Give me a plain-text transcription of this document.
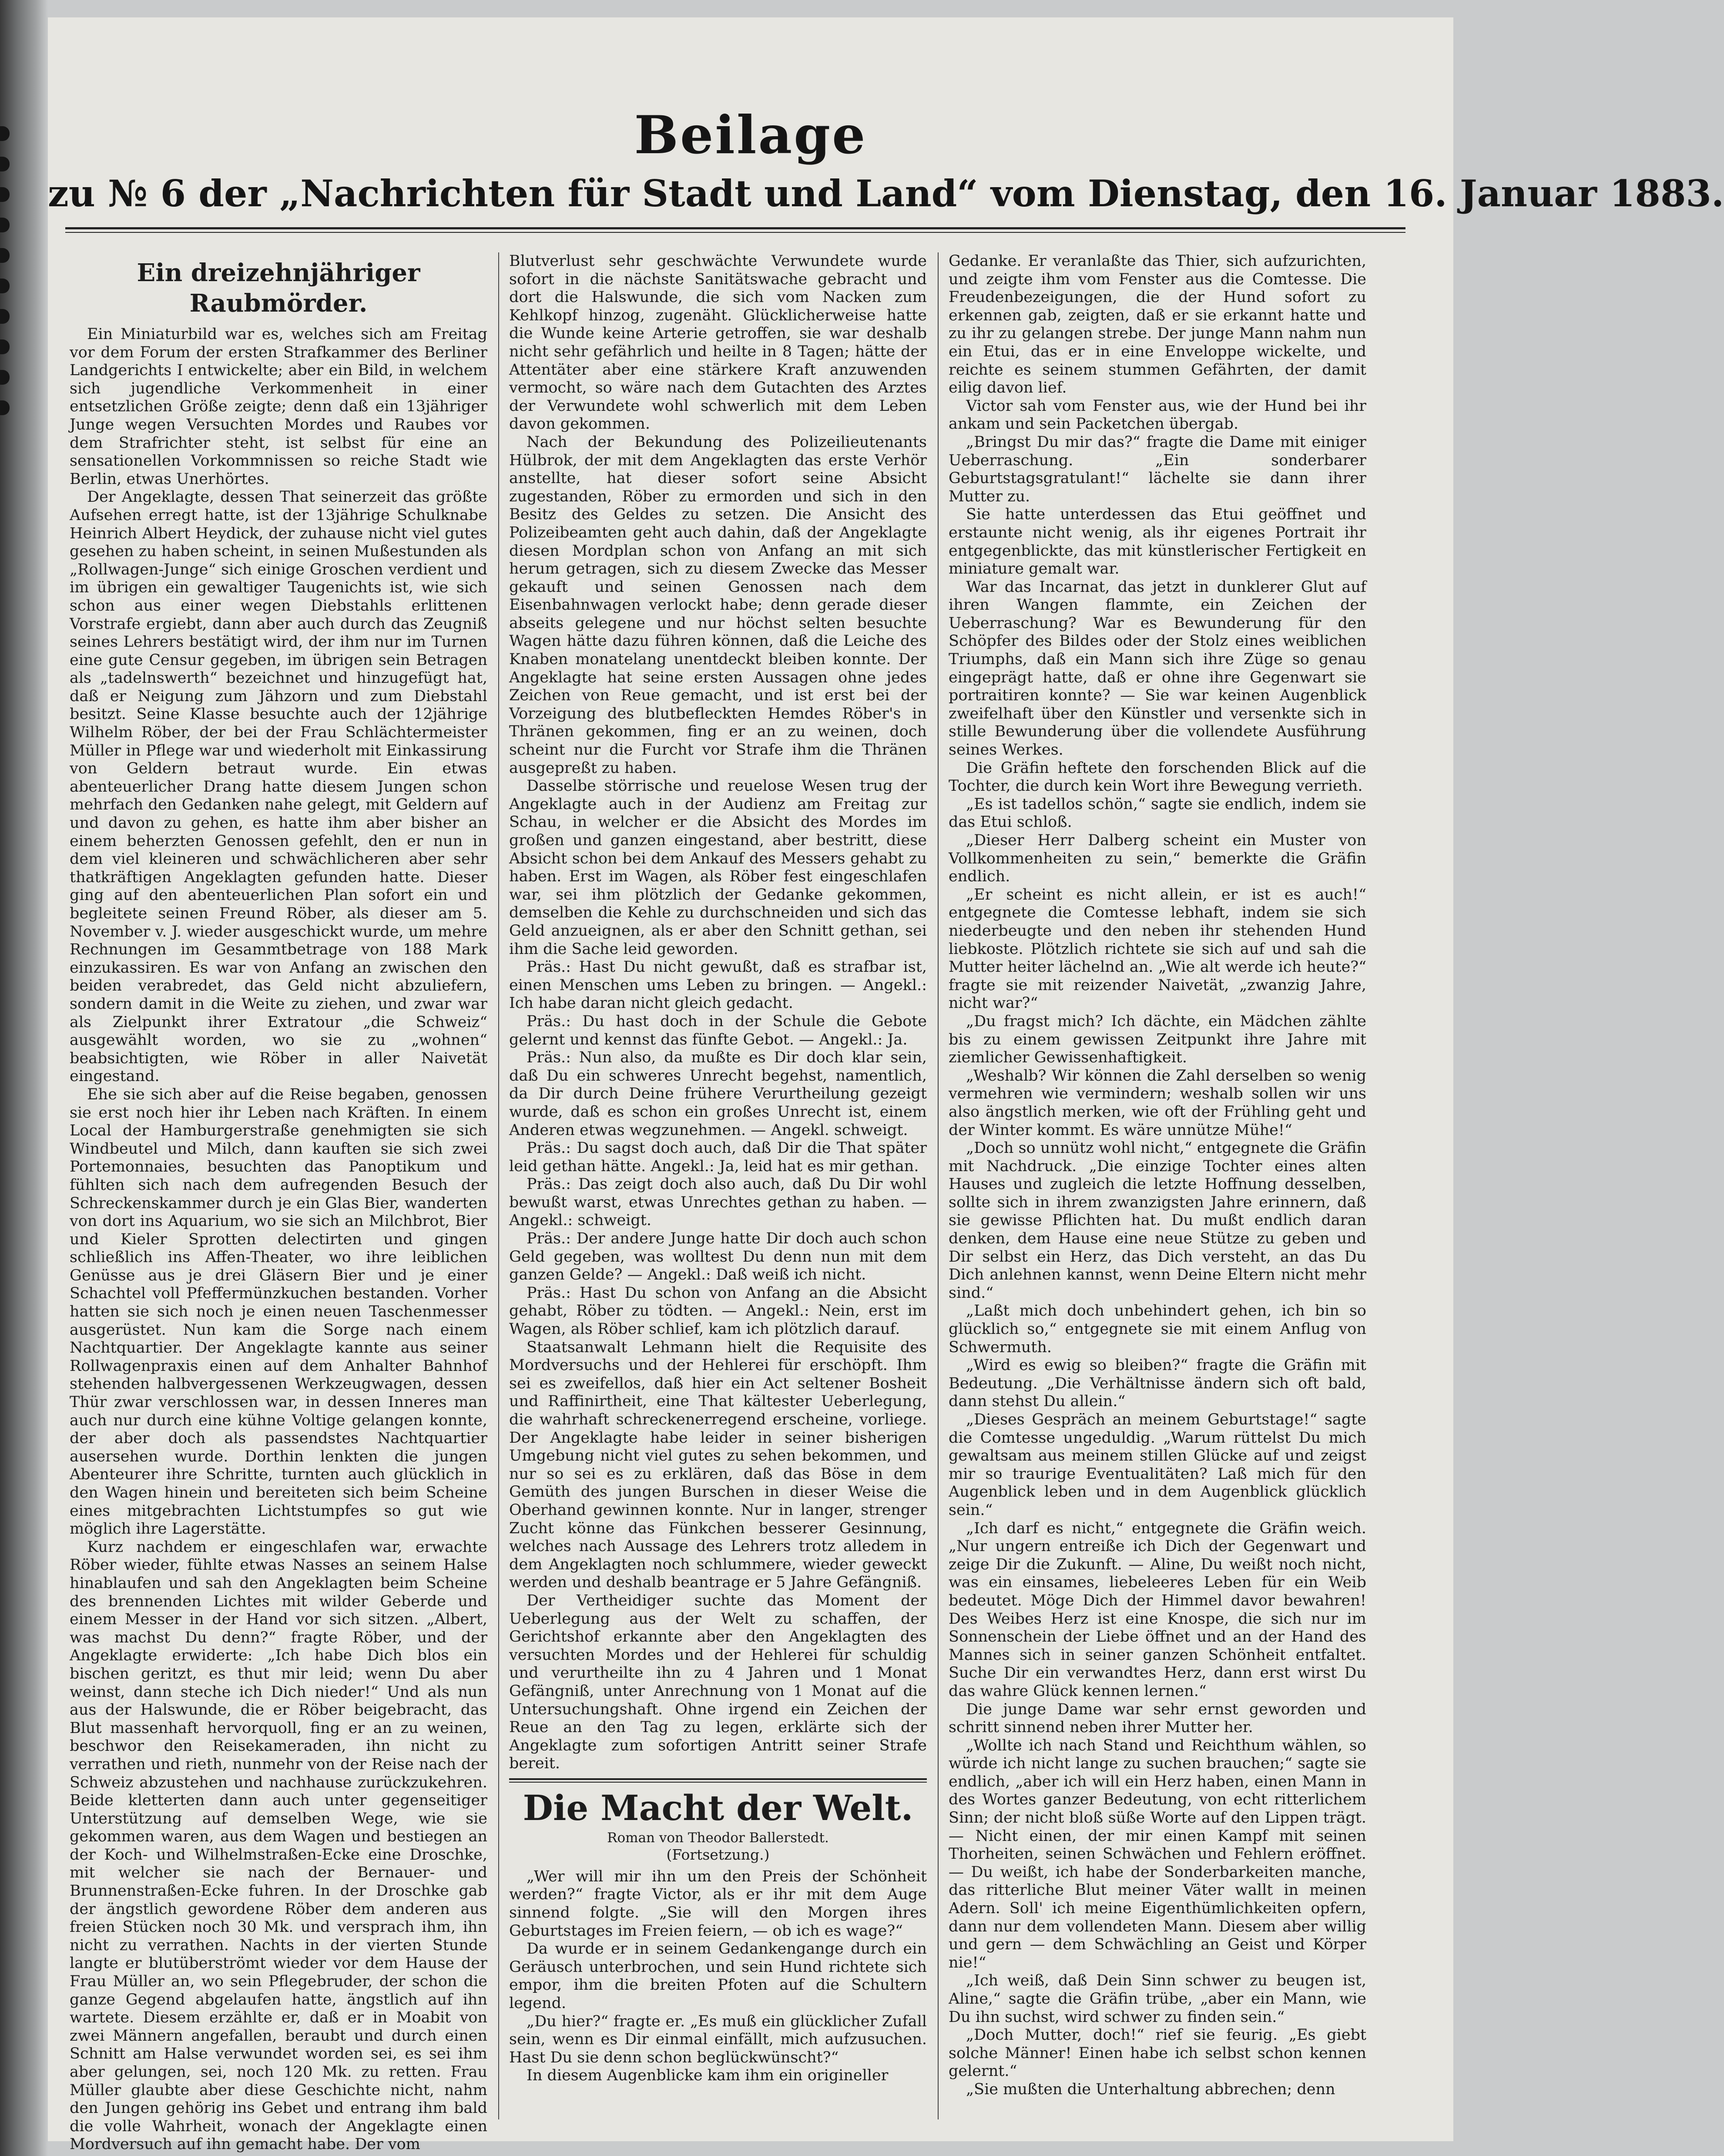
Beilage
zu № 6 der „Nachrichten für Stadt und Land“ vom Dienstag, den 16. Januar 1883.
Ein dreizehnjähriger Raubmörder.

Ein Miniaturbild war es, welches sich am Freitag vor dem Forum der ersten Strafkammer des Berliner Landgerichts I entwickelte; aber ein Bild, in welchem sich jugendliche Verkommenheit in einer entsetzlichen Größe zeigte; denn daß ein 13jähriger Junge wegen Versuchten Mordes und Raubes vor dem Strafrichter steht, ist selbst für eine an sensationellen Vorkommnissen so reiche Stadt wie Berlin, etwas Unerhörtes.

Der Angeklagte, dessen That seinerzeit das größte Aufsehen erregt hatte, ist der 13jährige Schulknabe Heinrich Albert Heydick, der zuhause nicht viel gutes gesehen zu haben scheint, in seinen Mußestunden als „Rollwagen-Junge“ sich einige Groschen verdient und im übrigen ein gewaltiger Taugenichts ist, wie sich schon aus einer wegen Diebstahls erlittenen Vorstrafe ergiebt, dann aber auch durch das Zeugniß seines Lehrers bestätigt wird, der ihm nur im Turnen eine gute Censur gegeben, im übrigen sein Betragen als „tadelnswerth“ bezeichnet und hinzugefügt hat, daß er Neigung zum Jähzorn und zum Diebstahl besitzt. Seine Klasse besuchte auch der 12jährige Wilhelm Röber, der bei der Frau Schlächtermeister Müller in Pflege war und wiederholt mit Einkassirung von Geldern betraut wurde. Ein etwas abenteuerlicher Drang hatte diesem Jungen schon mehrfach den Gedanken nahe gelegt, mit Geldern auf und davon zu gehen, es hatte ihm aber bisher an einem beherzten Genossen gefehlt, den er nun in dem viel kleineren und schwächlicheren aber sehr thatkräftigen Angeklagten gefunden hatte. Dieser ging auf den abenteuerlichen Plan sofort ein und begleitete seinen Freund Röber, als dieser am 5. November v. J. wieder ausgeschickt wurde, um mehre Rechnungen im Gesammtbetrage von 188 Mark einzukassiren. Es war von Anfang an zwischen den beiden verabredet, das Geld nicht abzuliefern, sondern damit in die Weite zu ziehen, und zwar war als Zielpunkt ihrer Extratour „die Schweiz“ ausgewählt worden, wo sie zu „wohnen“ beabsichtigten, wie Röber in aller Naivetät eingestand.

Ehe sie sich aber auf die Reise begaben, genossen sie erst noch hier ihr Leben nach Kräften. In einem Local der Hamburgerstraße genehmigten sie sich Windbeutel und Milch, dann kauften sie sich zwei Portemonnaies, besuchten das Panoptikum und fühlten sich nach dem aufregenden Besuch der Schreckenskammer durch je ein Glas Bier, wanderten von dort ins Aquarium, wo sie sich an Milchbrot, Bier und Kieler Sprotten delectirten und gingen schließlich ins Affen-Theater, wo ihre leiblichen Genüsse aus je drei Gläsern Bier und je einer Schachtel voll Pfeffermünzkuchen bestanden. Vorher hatten sie sich noch je einen neuen Taschenmesser ausgerüstet. Nun kam die Sorge nach einem Nachtquartier. Der Angeklagte kannte aus seiner Rollwagenpraxis einen auf dem Anhalter Bahnhof stehenden halbvergessenen Werkzeugwagen, dessen Thür zwar verschlossen war, in dessen Inneres man auch nur durch eine kühne Voltige gelangen konnte, der aber doch als passendstes Nachtquartier ausersehen wurde. Dorthin lenkten die jungen Abenteurer ihre Schritte, turnten auch glücklich in den Wagen hinein und bereiteten sich beim Scheine eines mitgebrachten Lichtstumpfes so gut wie möglich ihre Lagerstätte.

Kurz nachdem er eingeschlafen war, erwachte Röber wieder, fühlte etwas Nasses an seinem Halse hinablaufen und sah den Angeklagten beim Scheine des brennenden Lichtes mit wilder Geberde und einem Messer in der Hand vor sich sitzen. „Albert, was machst Du denn?“ fragte Röber, und der Angeklagte erwiderte: „Ich habe Dich blos ein bischen geritzt, es thut mir leid; wenn Du aber weinst, dann steche ich Dich nieder!“ Und als nun aus der Halswunde, die er Röber beigebracht, das Blut massenhaft hervorquoll, fing er an zu weinen, beschwor den Reisekameraden, ihn nicht zu verrathen und rieth, nunmehr von der Reise nach der Schweiz abzustehen und nachhause zurückzukehren. Beide kletterten dann auch unter gegenseitiger Unterstützung auf demselben Wege, wie sie gekommen waren, aus dem Wagen und bestiegen an der Koch- und Wilhelmstraßen-Ecke eine Droschke, mit welcher sie nach der Bernauer- und Brunnenstraßen-Ecke fuhren. In der Droschke gab der ängstlich gewordene Röber dem anderen aus freien Stücken noch 30 Mk. und versprach ihm, ihn nicht zu verrathen. Nachts in der vierten Stunde langte er blutüberströmt wieder vor dem Hause der Frau Müller an, wo sein Pflegebruder, der schon die ganze Gegend abgelaufen hatte, ängstlich auf ihn wartete. Diesem erzählte er, daß er in Moabit von zwei Männern angefallen, beraubt und durch einen Schnitt am Halse verwundet worden sei, es sei ihm aber gelungen, sei, noch 120 Mk. zu retten. Frau Müller glaubte aber diese Geschichte nicht, nahm den Jungen gehörig ins Gebet und entrang ihm bald die volle Wahrheit, wonach der Angeklagte einen Mordversuch auf ihn gemacht habe. Der vom

Blutverlust sehr geschwächte Verwundete wurde sofort in die nächste Sanitätswache gebracht und dort die Halswunde, die sich vom Nacken zum Kehlkopf hinzog, zugenäht. Glücklicherweise hatte die Wunde keine Arterie getroffen, sie war deshalb nicht sehr gefährlich und heilte in 8 Tagen; hätte der Attentäter aber eine stärkere Kraft anzuwenden vermocht, so wäre nach dem Gutachten des Arztes der Verwundete wohl schwerlich mit dem Leben davon gekommen.

Nach der Bekundung des Polizeilieutenants Hülbrok, der mit dem Angeklagten das erste Verhör anstellte, hat dieser sofort seine Absicht zugestanden, Röber zu ermorden und sich in den Besitz des Geldes zu setzen. Die Ansicht des Polizeibeamten geht auch dahin, daß der Angeklagte diesen Mordplan schon von Anfang an mit sich herum getragen, sich zu diesem Zwecke das Messer gekauft und seinen Genossen nach dem Eisenbahnwagen verlockt habe; denn gerade dieser abseits gelegene und nur höchst selten besuchte Wagen hätte dazu führen können, daß die Leiche des Knaben monatelang unentdeckt bleiben konnte. Der Angeklagte hat seine ersten Aussagen ohne jedes Zeichen von Reue gemacht, und ist erst bei der Vorzeigung des blutbefleckten Hemdes Röber's in Thränen gekommen, fing er an zu weinen, doch scheint nur die Furcht vor Strafe ihm die Thränen ausgepreßt zu haben.

Dasselbe störrische und reuelose Wesen trug der Angeklagte auch in der Audienz am Freitag zur Schau, in welcher er die Absicht des Mordes im großen und ganzen eingestand, aber bestritt, diese Absicht schon bei dem Ankauf des Messers gehabt zu haben. Erst im Wagen, als Röber fest eingeschlafen war, sei ihm plötzlich der Gedanke gekommen, demselben die Kehle zu durchschneiden und sich das Geld anzueignen, als er aber den Schnitt gethan, sei ihm die Sache leid geworden.

Präs.: Hast Du nicht gewußt, daß es strafbar ist, einen Menschen ums Leben zu bringen. — Angekl.: Ich habe daran nicht gleich gedacht.

Präs.: Du hast doch in der Schule die Gebote gelernt und kennst das fünfte Gebot. — Angekl.: Ja.

Präs.: Nun also, da mußte es Dir doch klar sein, daß Du ein schweres Unrecht begehst, namentlich, da Dir durch Deine frühere Verurtheilung gezeigt wurde, daß es schon ein großes Unrecht ist, einem Anderen etwas wegzunehmen. — Angekl. schweigt.

Präs.: Du sagst doch auch, daß Dir die That später leid gethan hätte. Angekl.: Ja, leid hat es mir gethan.

Präs.: Das zeigt doch also auch, daß Du Dir wohl bewußt warst, etwas Unrechtes gethan zu haben. — Angekl.: schweigt.

Präs.: Der andere Junge hatte Dir doch auch schon Geld gegeben, was wolltest Du denn nun mit dem ganzen Gelde? — Angekl.: Daß weiß ich nicht.

Präs.: Hast Du schon von Anfang an die Absicht gehabt, Röber zu tödten. — Angekl.: Nein, erst im Wagen, als Röber schlief, kam ich plötzlich darauf.

Staatsanwalt Lehmann hielt die Requisite des Mordversuchs und der Hehlerei für erschöpft. Ihm sei es zweifellos, daß hier ein Act seltener Bosheit und Raffinirtheit, eine That kältester Ueberlegung, die wahrhaft schreckenerregend erscheine, vorliege. Der Angeklagte habe leider in seiner bisherigen Umgebung nicht viel gutes zu sehen bekommen, und nur so sei es zu erklären, daß das Böse in dem Gemüth des jungen Burschen in dieser Weise die Oberhand gewinnen konnte. Nur in langer, strenger Zucht könne das Fünkchen besserer Gesinnung, welches nach Aussage des Lehrers trotz alledem in dem Angeklagten noch schlummere, wieder geweckt werden und deshalb beantrage er 5 Jahre Gefängniß.

Der Vertheidiger suchte das Moment der Ueberlegung aus der Welt zu schaffen, der Gerichtshof erkannte aber den Angeklagten des versuchten Mordes und der Hehlerei für schuldig und verurtheilte ihn zu 4 Jahren und 1 Monat Gefängniß, unter Anrechnung von 1 Monat auf die Untersuchungshaft. Ohne irgend ein Zeichen der Reue an den Tag zu legen, erklärte sich der Angeklagte zum sofortigen Antritt seiner Strafe bereit.

Die Macht der Welt.

Roman von Theodor Ballerstedt.

(Fortsetzung.)

„Wer will mir ihn um den Preis der Schönheit werden?“ fragte Victor, als er ihr mit dem Auge sinnend folgte. „Sie will den Morgen ihres Geburtstages im Freien feiern, — ob ich es wage?“

Da wurde er in seinem Gedankengange durch ein Geräusch unterbrochen, und sein Hund richtete sich empor, ihm die breiten Pfoten auf die Schultern legend.

„Du hier?“ fragte er. „Es muß ein glücklicher Zufall sein, wenn es Dir einmal einfällt, mich aufzusuchen. Hast Du sie denn schon beglückwünscht?“

In diesem Augenblicke kam ihm ein origineller

Gedanke. Er veranlaßte das Thier, sich aufzurichten, und zeigte ihm vom Fenster aus die Comtesse. Die Freudenbezeigungen, die der Hund sofort zu erkennen gab, zeigten, daß er sie erkannt hatte und zu ihr zu gelangen strebe. Der junge Mann nahm nun ein Etui, das er in eine Enveloppe wickelte, und reichte es seinem stummen Gefährten, der damit eilig davon lief.

Victor sah vom Fenster aus, wie der Hund bei ihr ankam und sein Packetchen übergab.

„Bringst Du mir das?“ fragte die Dame mit einiger Ueberraschung. „Ein sonderbarer Geburtstagsgratulant!“ lächelte sie dann ihrer Mutter zu.

Sie hatte unterdessen das Etui geöffnet und erstaunte nicht wenig, als ihr eigenes Portrait ihr entgegenblickte, das mit künstlerischer Fertigkeit en miniature gemalt war.

War das Incarnat, das jetzt in dunklerer Glut auf ihren Wangen flammte, ein Zeichen der Ueberraschung? War es Bewunderung für den Schöpfer des Bildes oder der Stolz eines weiblichen Triumphs, daß ein Mann sich ihre Züge so genau eingeprägt hatte, daß er ohne ihre Gegenwart sie portraitiren konnte? — Sie war keinen Augenblick zweifelhaft über den Künstler und versenkte sich in stille Bewunderung über die vollendete Ausführung seines Werkes.

Die Gräfin heftete den forschenden Blick auf die Tochter, die durch kein Wort ihre Bewegung verrieth.

„Es ist tadellos schön,“ sagte sie endlich, indem sie das Etui schloß.

„Dieser Herr Dalberg scheint ein Muster von Vollkommenheiten zu sein,“ bemerkte die Gräfin endlich.

„Er scheint es nicht allein, er ist es auch!“ entgegnete die Comtesse lebhaft, indem sie sich niederbeugte und den neben ihr stehenden Hund liebkoste. Plötzlich richtete sie sich auf und sah die Mutter heiter lächelnd an. „Wie alt werde ich heute?“ fragte sie mit reizender Naivetät, „zwanzig Jahre, nicht war?“

„Du fragst mich? Ich dächte, ein Mädchen zählte bis zu einem gewissen Zeitpunkt ihre Jahre mit ziemlicher Gewissenhaftigkeit.

„Weshalb? Wir können die Zahl derselben so wenig vermehren wie vermindern; weshalb sollen wir uns also ängstlich merken, wie oft der Frühling geht und der Winter kommt. Es wäre unnütze Mühe!“

„Doch so unnütz wohl nicht,“ entgegnete die Gräfin mit Nachdruck. „Die einzige Tochter eines alten Hauses und zugleich die letzte Hoffnung desselben, sollte sich in ihrem zwanzigsten Jahre erinnern, daß sie gewisse Pflichten hat. Du mußt endlich daran denken, dem Hause eine neue Stütze zu geben und Dir selbst ein Herz, das Dich versteht, an das Du Dich anlehnen kannst, wenn Deine Eltern nicht mehr sind.“

„Laßt mich doch unbehindert gehen, ich bin so glücklich so,“ entgegnete sie mit einem Anflug von Schwermuth.

„Wird es ewig so bleiben?“ fragte die Gräfin mit Bedeutung. „Die Verhältnisse ändern sich oft bald, dann stehst Du allein.“

„Dieses Gespräch an meinem Geburtstage!“ sagte die Comtesse ungeduldig. „Warum rüttelst Du mich gewaltsam aus meinem stillen Glücke auf und zeigst mir so traurige Eventualitäten? Laß mich für den Augenblick leben und in dem Augenblick glücklich sein.“

„Ich darf es nicht,“ entgegnete die Gräfin weich. „Nur ungern entreiße ich Dich der Gegenwart und zeige Dir die Zukunft. — Aline, Du weißt noch nicht, was ein einsames, liebeleeres Leben für ein Weib bedeutet. Möge Dich der Himmel davor bewahren! Des Weibes Herz ist eine Knospe, die sich nur im Sonnenschein der Liebe öffnet und an der Hand des Mannes sich in seiner ganzen Schönheit entfaltet. Suche Dir ein verwandtes Herz, dann erst wirst Du das wahre Glück kennen lernen.“

Die junge Dame war sehr ernst geworden und schritt sinnend neben ihrer Mutter her.

„Wollte ich nach Stand und Reichthum wählen, so würde ich nicht lange zu suchen brauchen;“ sagte sie endlich, „aber ich will ein Herz haben, einen Mann in des Wortes ganzer Bedeutung, von echt ritterlichem Sinn; der nicht bloß süße Worte auf den Lippen trägt. — Nicht einen, der mir einen Kampf mit seinen Thorheiten, seinen Schwächen und Fehlern eröffnet. — Du weißt, ich habe der Sonderbarkeiten manche, das ritterliche Blut meiner Väter wallt in meinen Adern. Soll' ich meine Eigenthümlichkeiten opfern, dann nur dem vollendeten Mann. Diesem aber willig und gern — dem Schwächling an Geist und Körper nie!“

„Ich weiß, daß Dein Sinn schwer zu beugen ist, Aline,“ sagte die Gräfin trübe, „aber ein Mann, wie Du ihn suchst, wird schwer zu finden sein.“

„Doch Mutter, doch!“ rief sie feurig. „Es giebt solche Männer! Einen habe ich selbst schon kennen gelernt.“

„Sie mußten die Unterhaltung abbrechen; denn
